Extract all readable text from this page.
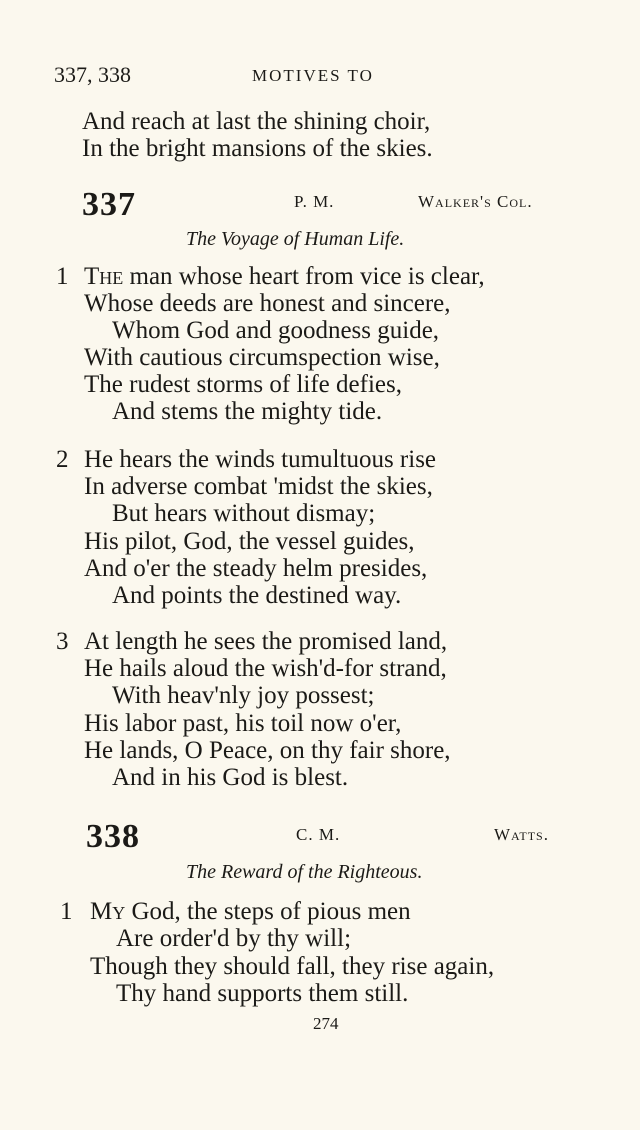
337, 338	MOTIVES TO
And reach at last the shining choir,
In the bright mansions of the skies.
337	P. M.	Walker's Col.
The Voyage of Human Life.
1 The man whose heart from vice is clear,
Whose deeds are honest and sincere,
Whom God and goodness guide,
With cautious circumspection wise,
The rudest storms of life defies,
And stems the mighty tide.
2 He hears the winds tumultuous rise
In adverse combat 'midst the skies,
But hears without dismay;
His pilot, God, the vessel guides,
And o'er the steady helm presides,
And points the destined way.
3 At length he sees the promised land,
He hails aloud the wish'd-for strand,
With heav'nly joy possest;
His labor past, his toil now o'er,
He lands, O Peace, on thy fair shore,
And in his God is blest.
338	C. M.	Watts.
The Reward of the Righteous.
1 My God, the steps of pious men
Are order'd by thy will;
Though they should fall, they rise again,
Thy hand supports them still.
274
